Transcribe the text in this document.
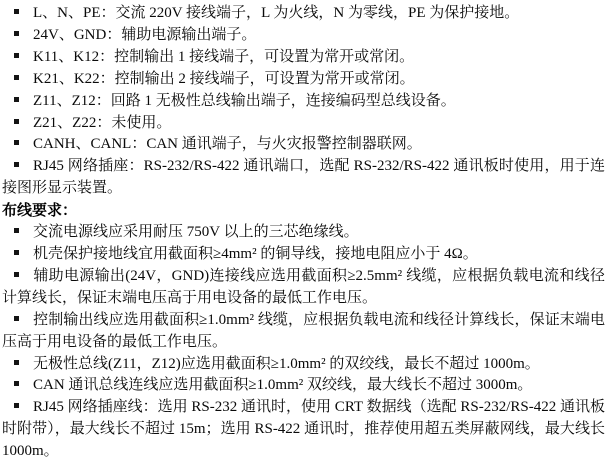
L、N、PE：交流 220V 接线端子，L 为火线，N 为零线，PE 为保护接地。

24V、GND：辅助电源输出端子。

K11、K12：控制输出 1 接线端子，可设置为常开或常闭。

K21、K22：控制输出 2 接线端子，可设置为常开或常闭。

Z11、Z12：回路 1 无极性总线输出端子，连接编码型总线设备。

Z21、Z22：未使用。

CANH、CANL：CAN 通讯端子，与火灾报警控制器联网。

RJ45 网络插座：RS-232/RS-422 通讯端口，选配 RS-232/RS-422 通讯板时使用，用于连接图形显示装置。

布线要求：

交流电源线应采用耐压 750V 以上的三芯绝缘线。

机壳保护接地线宜用截面积≥4mm² 的铜导线，接地电阻应小于 4Ω。

辅助电源输出(24V，GND)连接线应选用截面积≥2.5mm² 线缆，应根据负载电流和线径计算线长，保证末端电压高于用电设备的最低工作电压。

控制输出线应选用截面积≥1.0mm² 线缆，应根据负载电流和线径计算线长，保证末端电压高于用电设备的最低工作电压。

无极性总线(Z11，Z12)应选用截面积≥1.0mm² 的双绞线，最长不超过 1000m。

CAN 通讯总线连线应选用截面积≥1.0mm² 双绞线，最大线长不超过 3000m。

RJ45 网络插座线：选用 RS-232 通讯时，使用 CRT 数据线（选配 RS-232/RS-422 通讯板时附带），最大线长不超过 15m；选用 RS-422 通讯时，推荐使用超五类屏蔽网线，最大线长 1000m。
